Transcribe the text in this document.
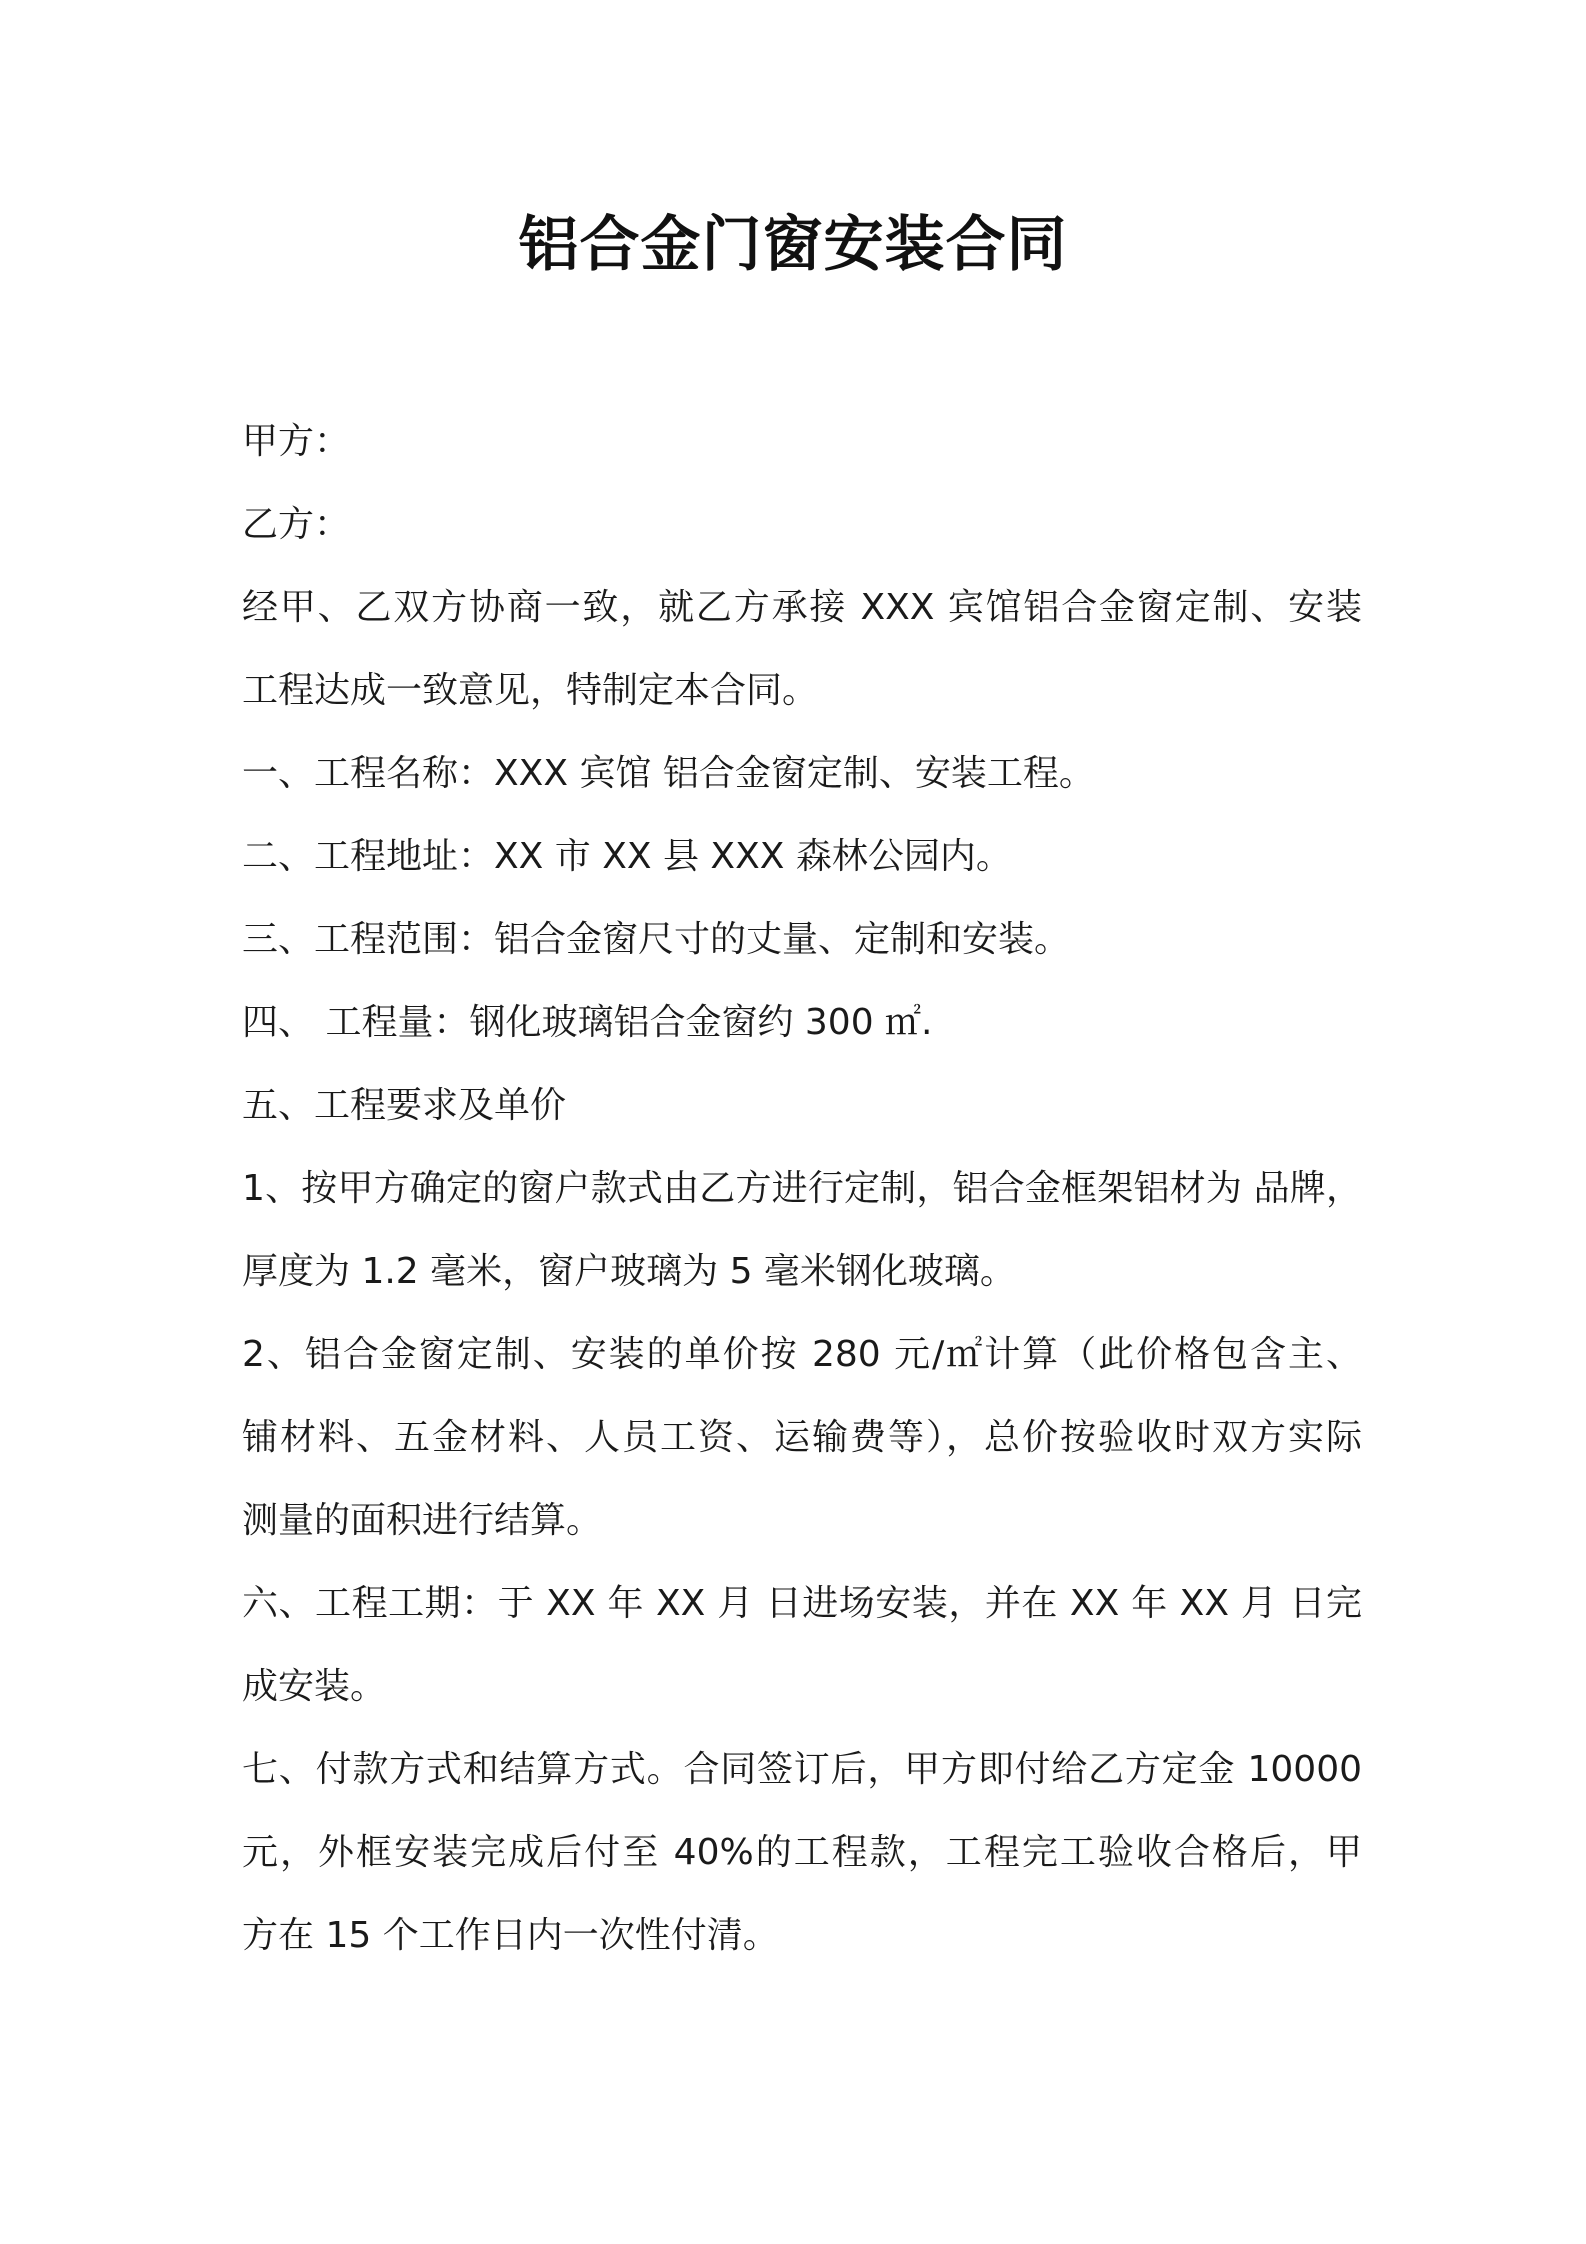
铝合金门窗安装合同
甲方：
乙方：
经甲、乙双方协商一致，就乙方承接 XXX 宾馆铝合金窗定制、安装
工程达成一致意见，特制定本合同。
一、工程名称：XXX 宾馆 铝合金窗定制、安装工程。
二、工程地址：XX 市 XX 县 XXX 森林公园内。
三、工程范围：铝合金窗尺寸的丈量、定制和安装。
四、 工程量：钢化玻璃铝合金窗约 300 ㎡.
五、工程要求及单价
1、按甲方确定的窗户款式由乙方进行定制，铝合金框架铝材为 品牌，
厚度为 1.2 毫米，窗户玻璃为 5 毫米钢化玻璃。
2、铝合金窗定制、安装的单价按 280 元/㎡计算（此价格包含主、
铺材料、五金材料、人员工资、运输费等），总价按验收时双方实际
测量的面积进行结算。
六、工程工期：于 XX 年 XX 月 日进场安装，并在 XX 年 XX 月 日完
成安装。
七、付款方式和结算方式。合同签订后，甲方即付给乙方定金 10000
元，外框安装完成后付至 40%的工程款，工程完工验收合格后，甲
方在 15 个工作日内一次性付清。
